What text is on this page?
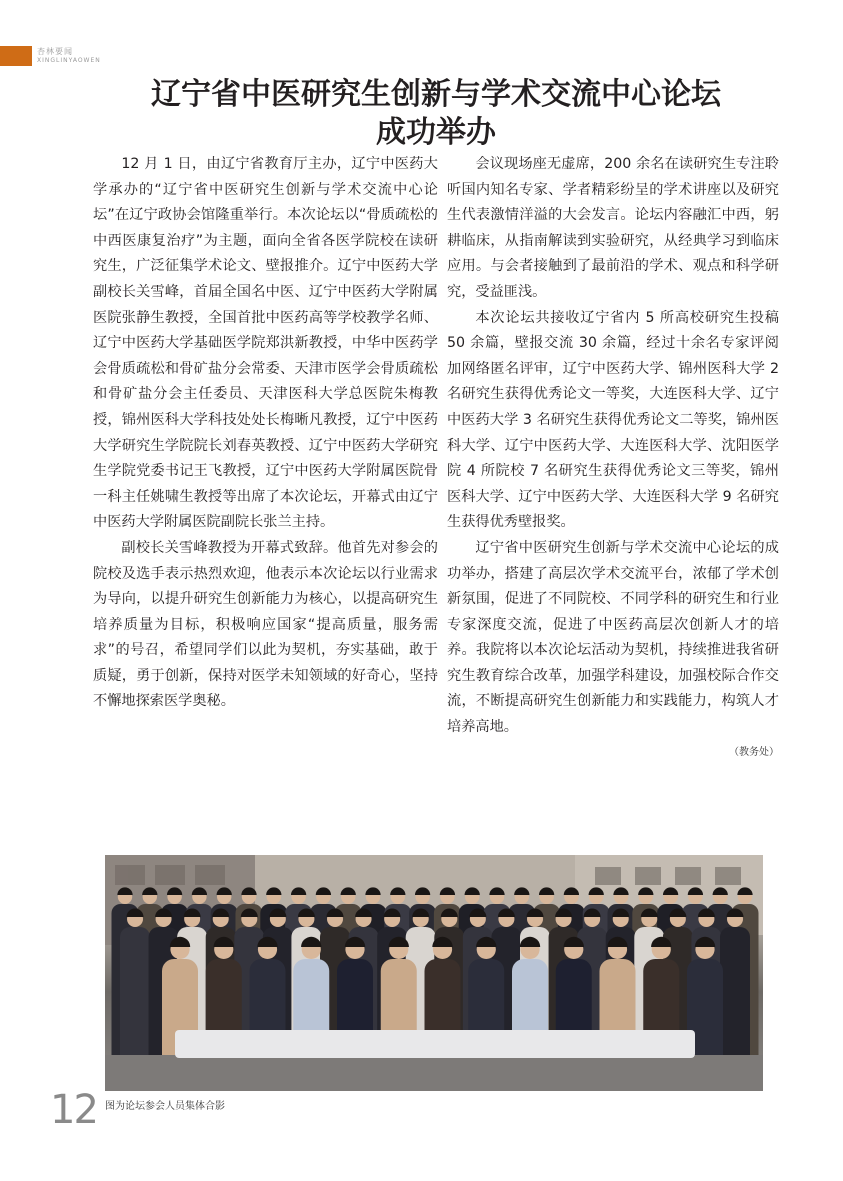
杏林要闻
XINGLINYAOWEN
辽宁省中医研究生创新与学术交流中心论坛
成功举办

12 月 1 日，由辽宁省教育厅主办，辽宁中医药大学承办的“辽宁省中医研究生创新与学术交流中心论坛”在辽宁政协会馆隆重举行。本次论坛以“骨质疏松的中西医康复治疗”为主题，面向全省各医学院校在读研究生，广泛征集学术论文、壁报推介。辽宁中医药大学副校长关雪峰，首届全国名中医、辽宁中医药大学附属医院张静生教授，全国首批中医药高等学校教学名师、辽宁中医药大学基础医学院郑洪新教授，中华中医药学会骨质疏松和骨矿盐分会常委、天津市医学会骨质疏松和骨矿盐分会主任委员、天津医科大学总医院朱梅教授，锦州医科大学科技处处长梅晰凡教授，辽宁中医药大学研究生学院院长刘春英教授、辽宁中医药大学研究生学院党委书记王飞教授，辽宁中医药大学附属医院骨一科主任姚啸生教授等出席了本次论坛，开幕式由辽宁中医药大学附属医院副院长张兰主持。

副校长关雪峰教授为开幕式致辞。他首先对参会的院校及选手表示热烈欢迎，他表示本次论坛以行业需求为导向，以提升研究生创新能力为核心，以提高研究生培养质量为目标，积极响应国家“提高质量，服务需求”的号召，希望同学们以此为契机，夯实基础，敢于质疑，勇于创新，保持对医学未知领域的好奇心，坚持不懈地探索医学奥秘。

会议现场座无虚席，200 余名在读研究生专注聆听国内知名专家、学者精彩纷呈的学术讲座以及研究生代表激情洋溢的大会发言。论坛内容融汇中西，躬耕临床，从指南解读到实验研究，从经典学习到临床应用。与会者接触到了最前沿的学术、观点和科学研究，受益匪浅。

本次论坛共接收辽宁省内 5 所高校研究生投稿 50 余篇，壁报交流 30 余篇，经过十余名专家评阅加网络匿名评审，辽宁中医药大学、锦州医科大学 2 名研究生获得优秀论文一等奖，大连医科大学、辽宁中医药大学 3 名研究生获得优秀论文二等奖，锦州医科大学、辽宁中医药大学、大连医科大学、沈阳医学院 4 所院校 7 名研究生获得优秀论文三等奖，锦州医科大学、辽宁中医药大学、大连医科大学 9 名研究生获得优秀壁报奖。

辽宁省中医研究生创新与学术交流中心论坛的成功举办，搭建了高层次学术交流平台，浓郁了学术创新氛围，促进了不同院校、不同学科的研究生和行业专家深度交流，促进了中医药高层次创新人才的培养。我院将以本次论坛活动为契机，持续推进我省研究生教育综合改革，加强学科建设，加强校际合作交流，不断提高研究生创新能力和实践能力，构筑人才培养高地。

（教务处）
图为论坛参会人员集体合影
12
